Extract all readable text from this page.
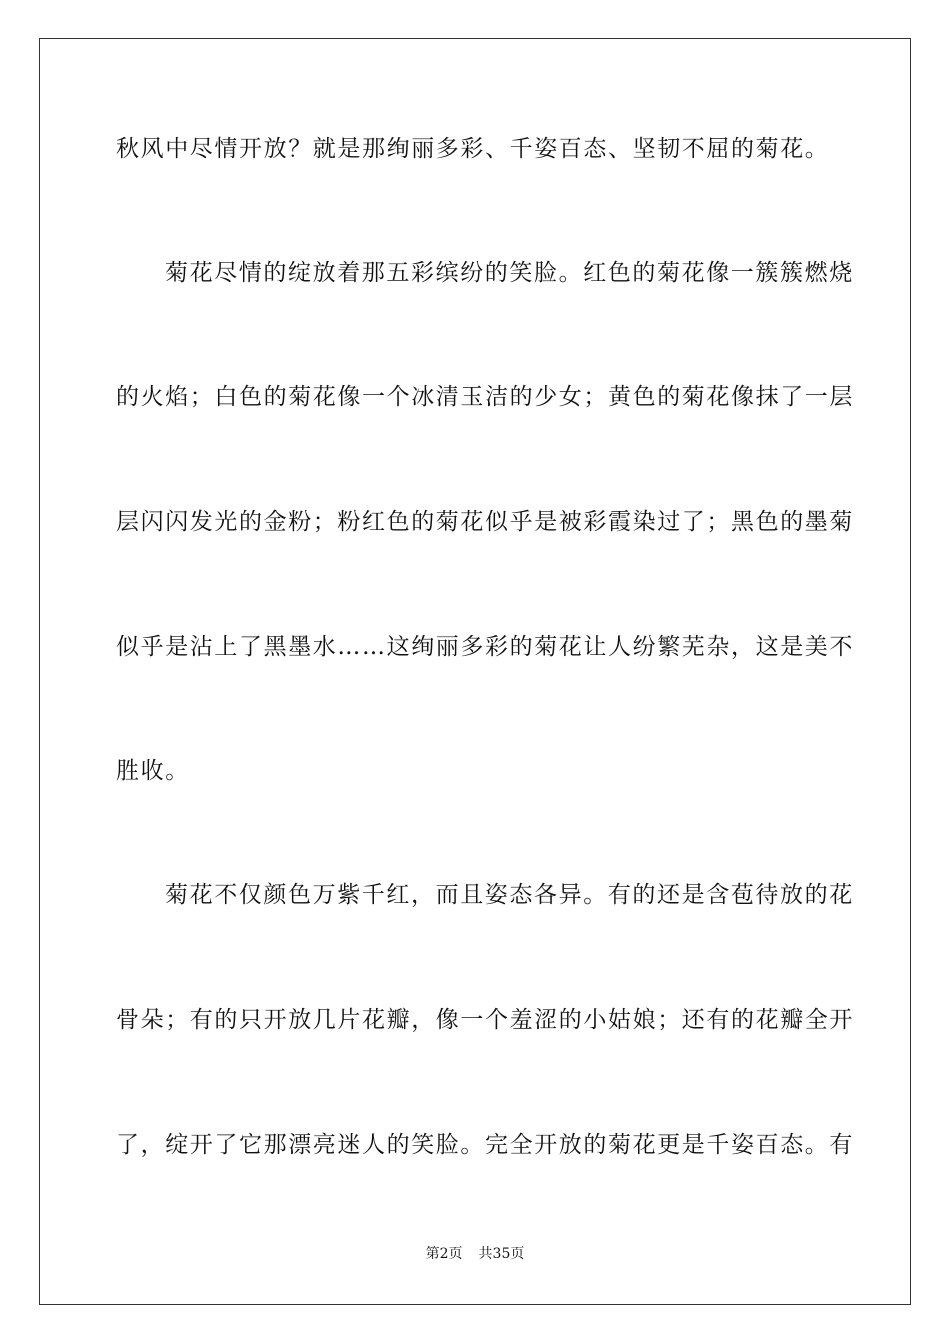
秋风中尽情开放？就是那绚丽多彩、千姿百态、坚韧不屈的菊花。
菊花尽情的绽放着那五彩缤纷的笑脸。红色的菊花像一簇簇燃烧
的火焰；白色的菊花像一个冰清玉洁的少女；黄色的菊花像抹了一层
层闪闪发光的金粉；粉红色的菊花似乎是被彩霞染过了；黑色的墨菊
似乎是沾上了黑墨水……这绚丽多彩的菊花让人纷繁芜杂，这是美不
胜收。
菊花不仅颜色万紫千红，而且姿态各异。有的还是含苞待放的花
骨朵；有的只开放几片花瓣，像一个羞涩的小姑娘；还有的花瓣全开
了，绽开了它那漂亮迷人的笑脸。完全开放的菊花更是千姿百态。有
第2页 共35页
